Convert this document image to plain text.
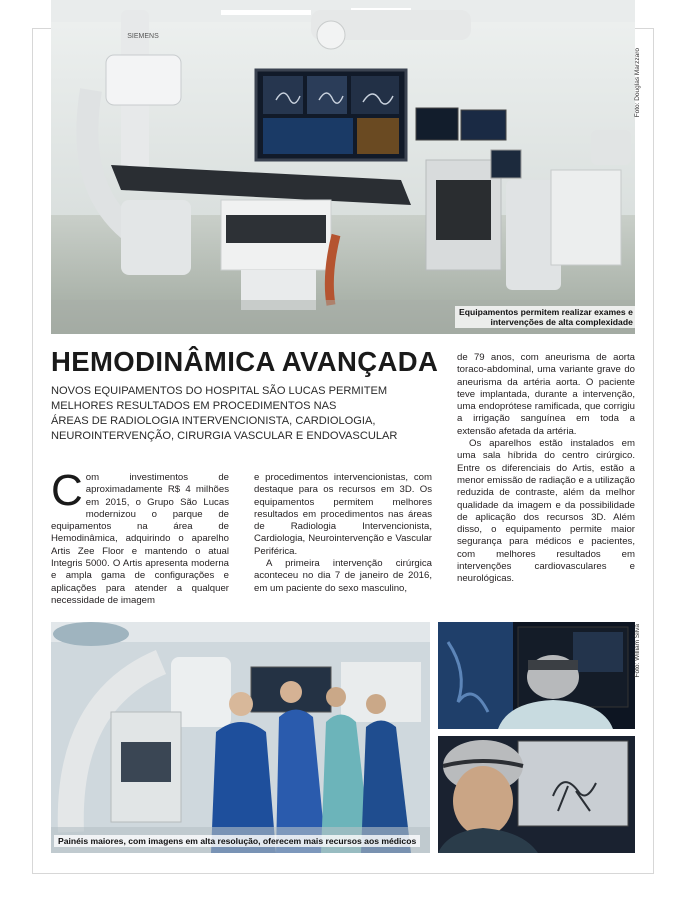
SIEMENS
Foto: Douglas Marzzaro
Equipamentos permitem realizar exames e
intervenções de alta complexidade
HEMODINÂMICA AVANÇADA
NOVOS EQUIPAMENTOS DO HOSPITAL SÃO LUCAS PERMITEM
MELHORES RESULTADOS EM PROCEDIMENTOS NAS
ÁREAS DE RADIOLOGIA INTERVENCIONISTA, CARDIOLOGIA,
NEUROINTERVENÇÃO, CIRURGIA VASCULAR E ENDOVASCULAR

Com investimentos de aproximadamente R$ 4 milhões em 2015, o Grupo São Lucas modernizou o parque de equipamentos na área de Hemodinâmica, adquirindo o aparelho Artis Zee Floor e mantendo o atual Integris 5000. O Artis apresenta moderna e ampla gama de configurações e aplicações para atender a qualquer necessidade de imagem

e procedimentos intervencionistas, com destaque para os recursos em 3D. Os equipamentos permitem melhores resultados em procedimentos nas áreas de Radiologia Intervencionista, Cardiologia, Neurointervenção e Vascular Periférica.

A primeira intervenção cirúrgica aconteceu no dia 7 de janeiro de 2016, em um paciente do sexo masculino,

de 79 anos, com aneurisma de aorta toraco-abdominal, uma variante grave do aneurisma da artéria aorta. O paciente teve implantada, durante a intervenção, uma endoprótese ramificada, que corrigiu a irrigação sanguínea em toda a extensão afetada da artéria.

Os aparelhos estão instalados em uma sala híbrida do centro cirúrgico. Entre os diferenciais do Artis, estão a menor emissão de radiação e a utilização reduzida de contraste, além da melhor qualidade da imagem e da possibilidade de aplicação dos recursos 3D. Além disso, o equipamento permite maior segurança para médicos e pacientes, com melhores resultados em intervenções cardiovasculares e neurológicas.

Painéis maiores, com imagens em alta resolução, oferecem mais recursos aos médicos
Foto: William Silva
